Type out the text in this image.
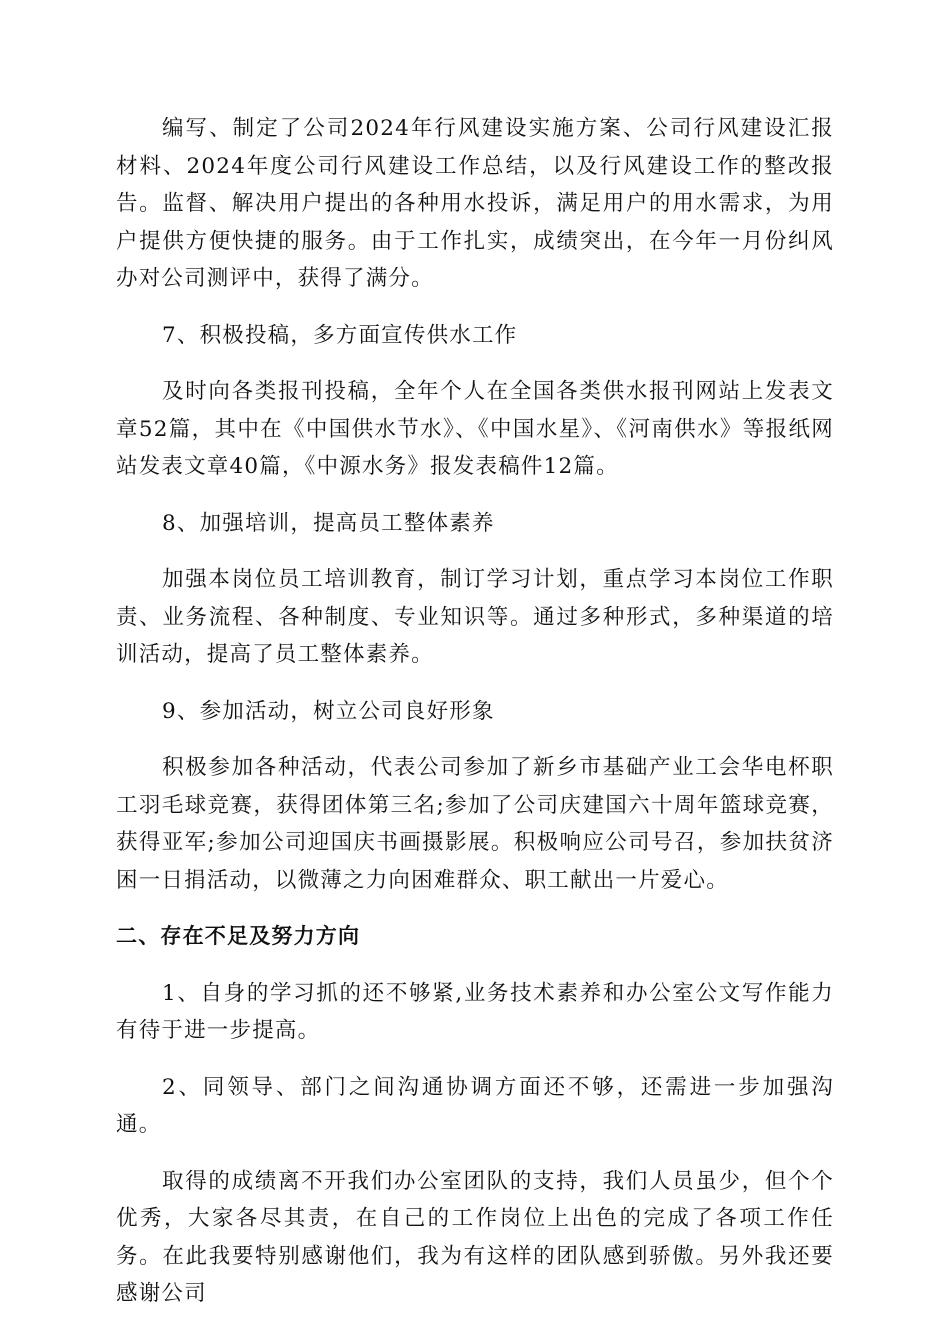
编写、制定了公司2024年行风建设实施方案、公司行风建设汇报材料、2024年度公司行风建设工作总结，以及行风建设工作的整改报告。监督、解决用户提出的各种用水投诉，满足用户的用水需求，为用户提供方便快捷的服务。由于工作扎实，成绩突出，在今年一月份纠风办对公司测评中，获得了满分。

7、积极投稿，多方面宣传供水工作

及时向各类报刊投稿，全年个人在全国各类供水报刊网站上发表文章52篇，其中在《中国供水节水》、《中国水星》、《河南供水》等报纸网站发表文章40篇，《中源水务》报发表稿件12篇。

8、加强培训，提高员工整体素养

加强本岗位员工培训教育，制订学习计划，重点学习本岗位工作职责、业务流程、各种制度、专业知识等。通过多种形式，多种渠道的培训活动，提高了员工整体素养。

9、参加活动，树立公司良好形象

积极参加各种活动，代表公司参加了新乡市基础产业工会华电杯职工羽毛球竞赛，获得团体第三名;参加了公司庆建国六十周年篮球竞赛，获得亚军;参加公司迎国庆书画摄影展。积极响应公司号召，参加扶贫济困一日捐活动，以微薄之力向困难群众、职工献出一片爱心。

二、存在不足及努力方向

1、自身的学习抓的还不够紧,业务技术素养和办公室公文写作能力有待于进一步提高。

2、同领导、部门之间沟通协调方面还不够，还需进一步加强沟通。

取得的成绩离不开我们办公室团队的支持，我们人员虽少，但个个优秀，大家各尽其责，在自己的工作岗位上出色的完成了各项工作任务。在此我要特别感谢他们，我为有这样的团队感到骄傲。另外我还要感谢公司
